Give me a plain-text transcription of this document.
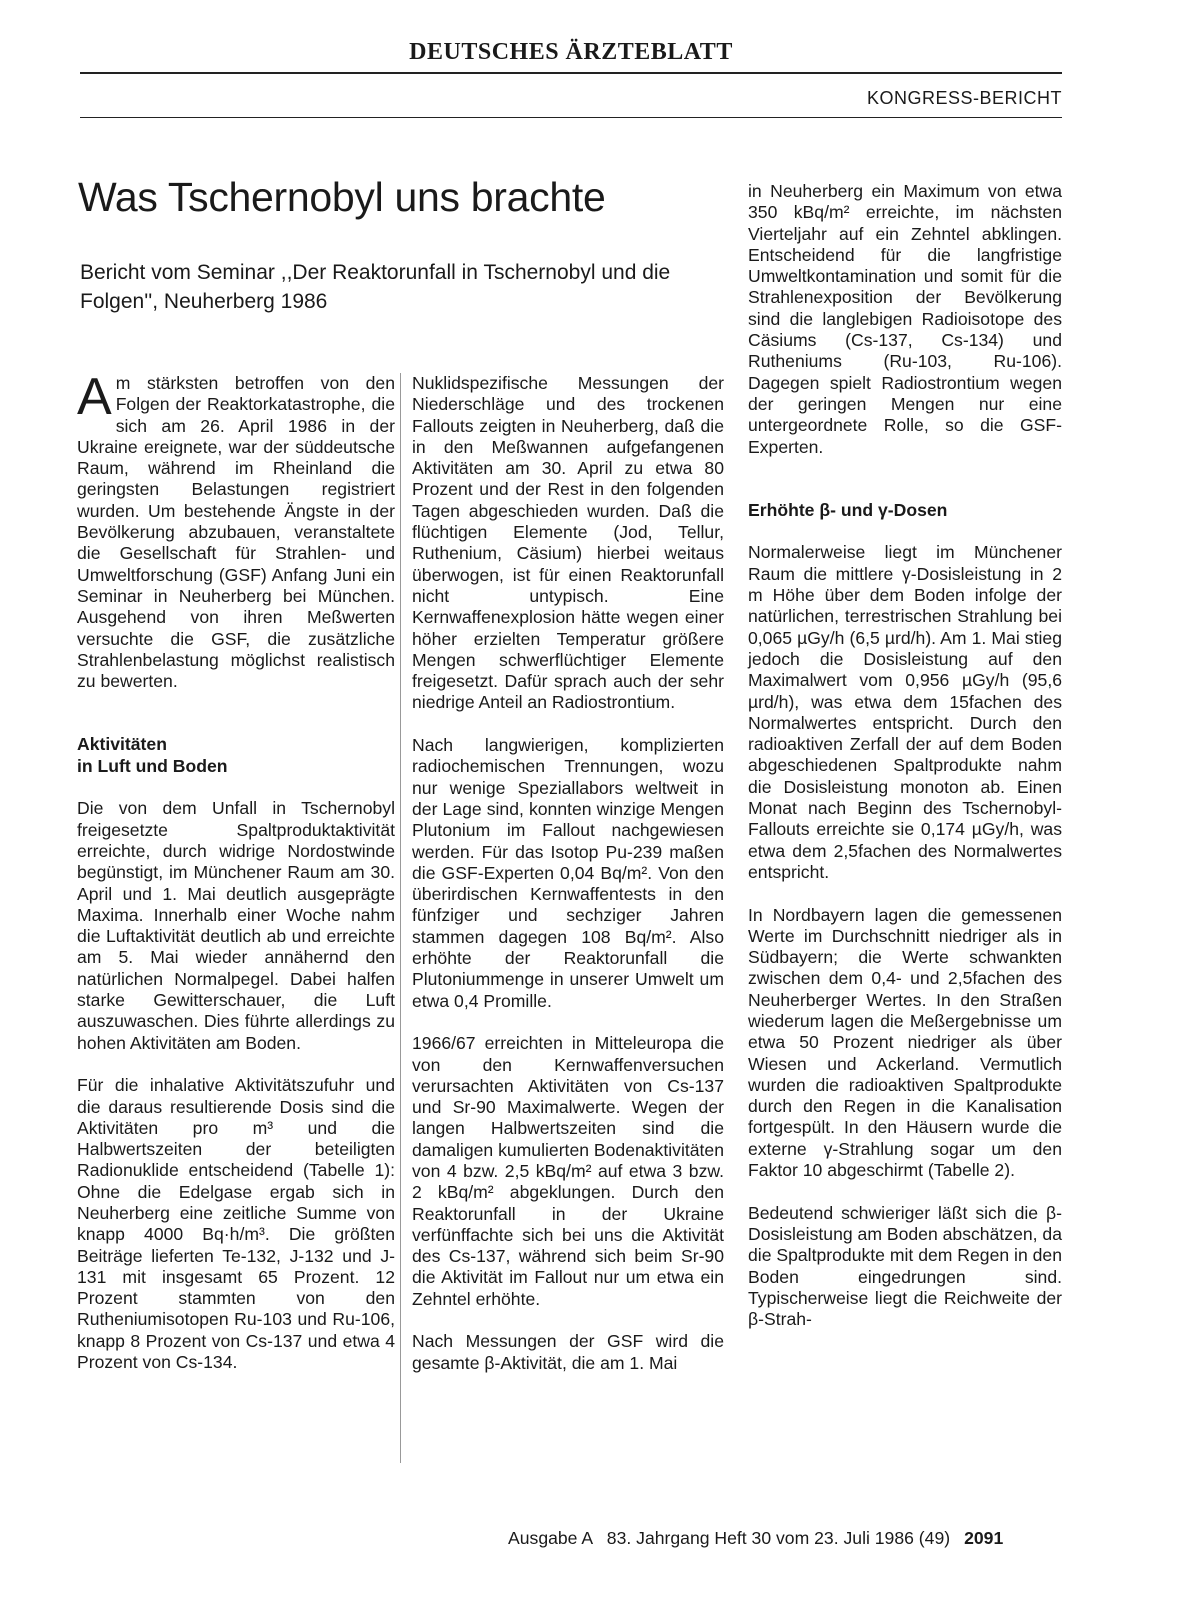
DEUTSCHES ÄRZTEBLATT
KONGRESS-BERICHT
Was Tschernobyl uns brachte

Bericht vom Seminar ,,Der Reaktorunfall in Tschernobyl und die Folgen'', Neuherberg 1986

Am stärksten betroffen von den Folgen der Reaktorkatastrophe, die sich am 26. April 1986 in der Ukraine ereignete, war der süddeutsche Raum, während im Rheinland die geringsten Belastungen registriert wurden. Um bestehende Ängste in der Bevölkerung abzubauen, veranstaltete die Gesellschaft für Strahlen- und Umweltforschung (GSF) Anfang Juni ein Seminar in Neuherberg bei München. Ausgehend von ihren Meßwerten versuchte die GSF, die zusätzliche Strahlenbelastung möglichst realistisch zu bewerten.

Aktivitäten
in Luft und Boden

Die von dem Unfall in Tschernobyl freigesetzte Spaltproduktaktivität erreichte, durch widrige Nordostwinde begünstigt, im Münchener Raum am 30. April und 1. Mai deutlich ausgeprägte Maxima. Innerhalb einer Woche nahm die Luftaktivität deutlich ab und erreichte am 5. Mai wieder annähernd den natürlichen Normalpegel. Dabei halfen starke Gewitterschauer, die Luft auszuwaschen. Dies führte allerdings zu hohen Aktivitäten am Boden.

Für die inhalative Aktivitätszufuhr und die daraus resultierende Dosis sind die Aktivitäten pro m³ und die Halbwertszeiten der beteiligten Radionuklide entscheidend (Tabelle 1): Ohne die Edelgase ergab sich in Neuherberg eine zeitliche Summe von knapp 4000 Bq·h/m³. Die größten Beiträge lieferten Te-132, J-132 und J-131 mit insgesamt 65 Prozent. 12 Prozent stammten von den Rutheniumisotopen Ru-103 und Ru-106, knapp 8 Prozent von Cs-137 und etwa 4 Prozent von Cs-134.

Nuklidspezifische Messungen der Niederschläge und des trockenen Fallouts zeigten in Neuherberg, daß die in den Meßwannen aufgefangenen Aktivitäten am 30. April zu etwa 80 Prozent und der Rest in den folgenden Tagen abgeschieden wurden. Daß die flüchtigen Elemente (Jod, Tellur, Ruthenium, Cäsium) hierbei weitaus überwogen, ist für einen Reaktorunfall nicht untypisch. Eine Kernwaffenexplosion hätte wegen einer höher erzielten Temperatur größere Mengen schwerflüchtiger Elemente freigesetzt. Dafür sprach auch der sehr niedrige Anteil an Radiostrontium.

Nach langwierigen, komplizierten radiochemischen Trennungen, wozu nur wenige Speziallabors weltweit in der Lage sind, konnten winzige Mengen Plutonium im Fallout nachgewiesen werden. Für das Isotop Pu-239 maßen die GSF-Experten 0,04 Bq/m². Von den überirdischen Kernwaffentests in den fünfziger und sechziger Jahren stammen dagegen 108 Bq/m². Also erhöhte der Reaktorunfall die Plutoniummenge in unserer Umwelt um etwa 0,4 Promille.

1966/67 erreichten in Mitteleuropa die von den Kernwaffenversuchen verursachten Aktivitäten von Cs-137 und Sr-90 Maximalwerte. Wegen der langen Halbwertszeiten sind die damaligen kumulierten Bodenaktivitäten von 4 bzw. 2,5 kBq/m² auf etwa 3 bzw. 2 kBq/m² abgeklungen. Durch den Reaktorunfall in der Ukraine verfünffachte sich bei uns die Aktivität des Cs-137, während sich beim Sr-90 die Aktivität im Fallout nur um etwa ein Zehntel erhöhte.

Nach Messungen der GSF wird die gesamte β-Aktivität, die am 1. Mai

in Neuherberg ein Maximum von etwa 350 kBq/m² erreichte, im nächsten Vierteljahr auf ein Zehntel abklingen. Entscheidend für die langfristige Umweltkontamination und somit für die Strahlenexposition der Bevölkerung sind die langlebigen Radioisotope des Cäsiums (Cs-137, Cs-134) und Rutheniums (Ru-103, Ru-106). Dagegen spielt Radiostrontium wegen der geringen Mengen nur eine untergeordnete Rolle, so die GSF-Experten.

Erhöhte β- und γ-Dosen

Normalerweise liegt im Münchener Raum die mittlere γ-Dosisleistung in 2 m Höhe über dem Boden infolge der natürlichen, terrestrischen Strahlung bei 0,065 µGy/h (6,5 µrd/h). Am 1. Mai stieg jedoch die Dosisleistung auf den Maximalwert vom 0,956 µGy/h (95,6 µrd/h), was etwa dem 15fachen des Normalwertes entspricht. Durch den radioaktiven Zerfall der auf dem Boden abgeschiedenen Spaltprodukte nahm die Dosisleistung monoton ab. Einen Monat nach Beginn des Tschernobyl-Fallouts erreichte sie 0,174 µGy/h, was etwa dem 2,5fachen des Normalwertes entspricht.

In Nordbayern lagen die gemessenen Werte im Durchschnitt niedriger als in Südbayern; die Werte schwankten zwischen dem 0,4- und 2,5fachen des Neuherberger Wertes. In den Straßen wiederum lagen die Meßergebnisse um etwa 50 Prozent niedriger als über Wiesen und Ackerland. Vermutlich wurden die radioaktiven Spaltprodukte durch den Regen in die Kanalisation fortgespült. In den Häusern wurde die externe γ-Strahlung sogar um den Faktor 10 abgeschirmt (Tabelle 2).

Bedeutend schwieriger läßt sich die β-Dosisleistung am Boden abschätzen, da die Spaltprodukte mit dem Regen in den Boden eingedrungen sind. Typischerweise liegt die Reichweite der β-Strah-

Ausgabe A   83. Jahrgang Heft 30 vom 23. Juli 1986 (49) 2091
